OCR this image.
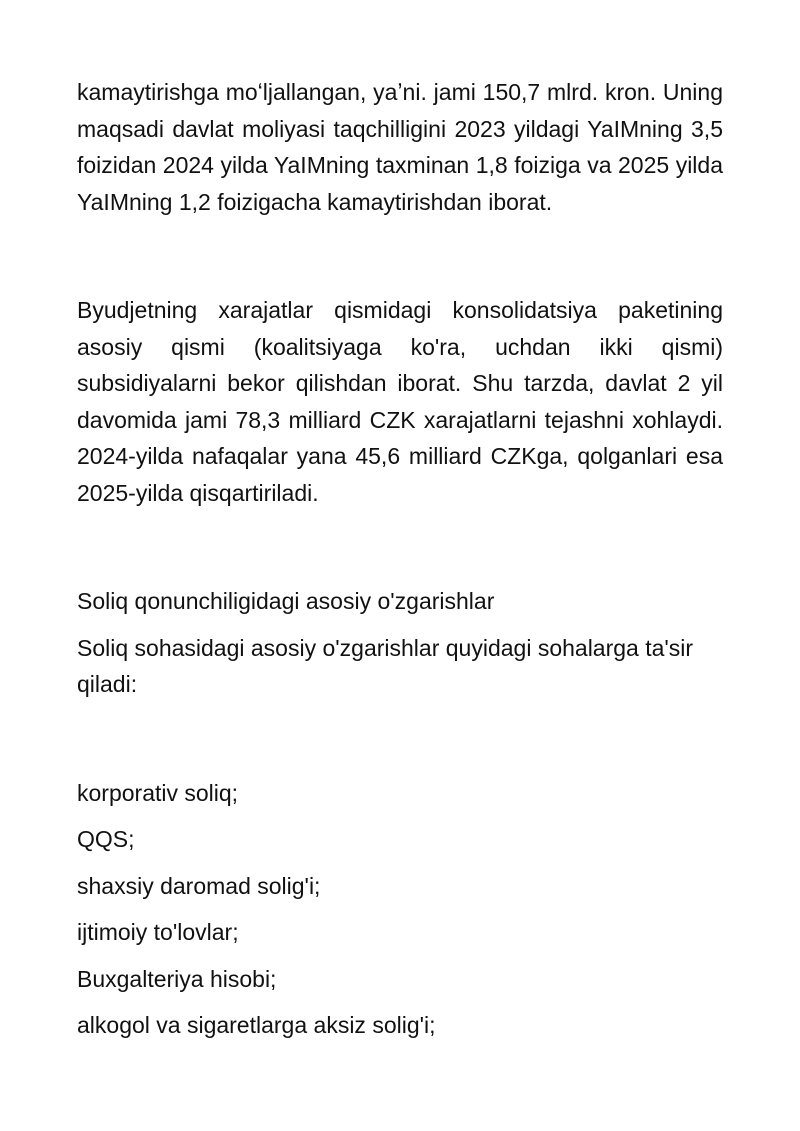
kamaytirishga moʻljallangan, yaʼni. jami 150,7 mlrd. kron. Uning maqsadi davlat moliyasi taqchilligini 2023 yildagi YaIMning 3,5 foizidan 2024 yilda YaIMning taxminan 1,8 foiziga va 2025 yilda YaIMning 1,2 foizigacha kamaytirishdan iborat.

Byudjetning xarajatlar qismidagi konsolidatsiya paketining asosiy qismi (koalitsiyaga ko'ra, uchdan ikki qismi) subsidiyalarni bekor qilishdan iborat. Shu tarzda, davlat 2 yil davomida jami 78,3 milliard CZK xarajatlarni tejashni xohlaydi. 2024-yilda nafaqalar yana 45,6 milliard CZKga, qolganlari esa 2025-yilda qisqartiriladi.

Soliq qonunchiligidagi asosiy o'zgarishlar

Soliq sohasidagi asosiy o'zgarishlar quyidagi sohalarga ta'sir qiladi:

korporativ soliq;
QQS;
shaxsiy daromad solig'i;
ijtimoiy to'lovlar;
Buxgalteriya hisobi;
alkogol va sigaretlarga aksiz solig'i;
